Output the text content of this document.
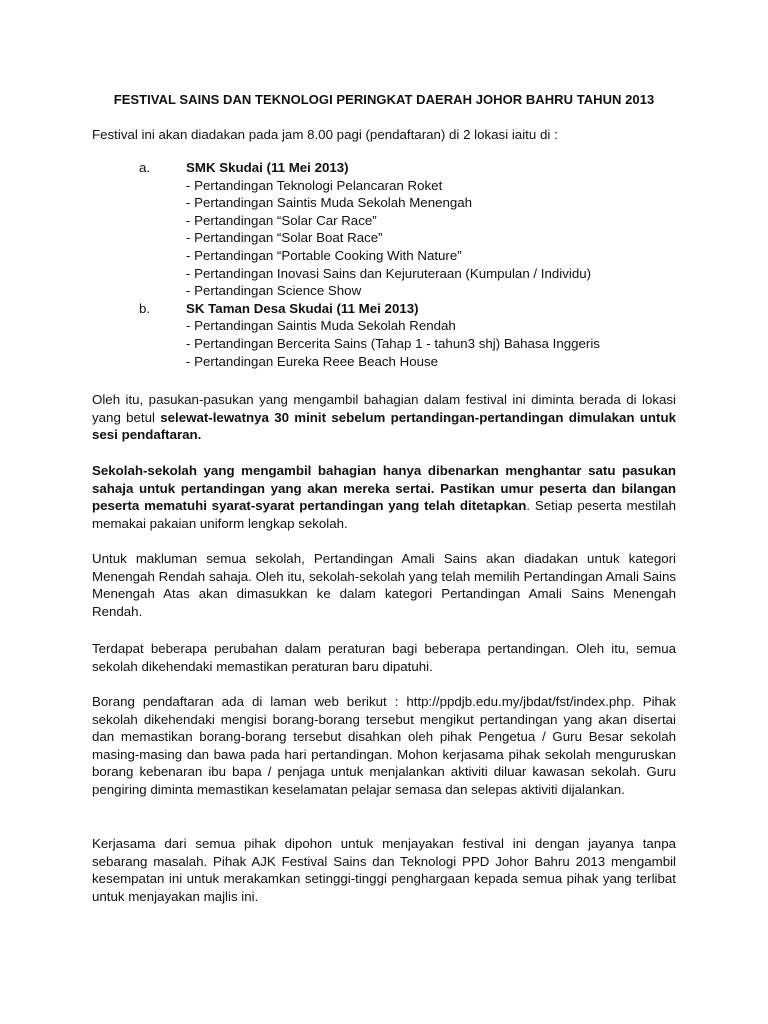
FESTIVAL SAINS DAN TEKNOLOGI PERINGKAT DAERAH JOHOR BAHRU TAHUN 2013
Festival ini akan diadakan pada jam 8.00 pagi (pendaftaran) di 2 lokasi iaitu di :
a.	SMK Skudai (11 Mei 2013)
- Pertandingan Teknologi Pelancaran Roket
- Pertandingan Saintis Muda Sekolah Menengah
- Pertandingan “Solar Car Race”
- Pertandingan “Solar Boat Race”
- Pertandingan “Portable Cooking With Nature”
- Pertandingan Inovasi Sains dan Kejuruteraan (Kumpulan / Individu)
- Pertandingan Science Show
b.	SK Taman Desa Skudai (11 Mei 2013)
- Pertandingan Saintis Muda Sekolah Rendah
- Pertandingan Bercerita Sains (Tahap 1 - tahun3 shj) Bahasa Inggeris
- Pertandingan Eureka Reee Beach House
Oleh itu, pasukan-pasukan yang mengambil bahagian dalam festival ini diminta berada di lokasi yang betul selewat-lewatnya 30 minit sebelum pertandingan-pertandingan dimulakan untuk sesi pendaftaran.
Sekolah-sekolah yang mengambil bahagian hanya dibenarkan menghantar satu pasukan sahaja untuk pertandingan yang akan mereka sertai. Pastikan umur peserta dan bilangan peserta mematuhi syarat-syarat pertandingan yang telah ditetapkan. Setiap peserta mestilah memakai pakaian uniform lengkap sekolah.
Untuk makluman semua sekolah, Pertandingan Amali Sains akan diadakan untuk kategori Menengah Rendah sahaja. Oleh itu, sekolah-sekolah yang telah memilih Pertandingan Amali Sains Menengah Atas akan dimasukkan ke dalam kategori Pertandingan Amali Sains Menengah Rendah.
Terdapat beberapa perubahan dalam peraturan bagi beberapa pertandingan. Oleh itu, semua sekolah dikehendaki memastikan peraturan baru dipatuhi.
Borang pendaftaran ada di laman web berikut : http://ppdjb.edu.my/jbdat/fst/index.php. Pihak sekolah dikehendaki mengisi borang-borang tersebut mengikut pertandingan yang akan disertai dan memastikan borang-borang tersebut disahkan oleh pihak Pengetua / Guru Besar sekolah masing-masing dan bawa pada hari pertandingan. Mohon kerjasama pihak sekolah menguruskan borang kebenaran ibu bapa / penjaga untuk menjalankan aktiviti diluar kawasan sekolah. Guru pengiring diminta memastikan keselamatan pelajar semasa dan selepas aktiviti dijalankan.
Kerjasama dari semua pihak dipohon untuk menjayakan festival ini dengan jayanya tanpa sebarang masalah. Pihak AJK Festival Sains dan Teknologi PPD Johor Bahru 2013 mengambil kesempatan ini untuk merakamkan setinggi-tinggi penghargaan kepada semua pihak yang terlibat untuk menjayakan majlis ini.
